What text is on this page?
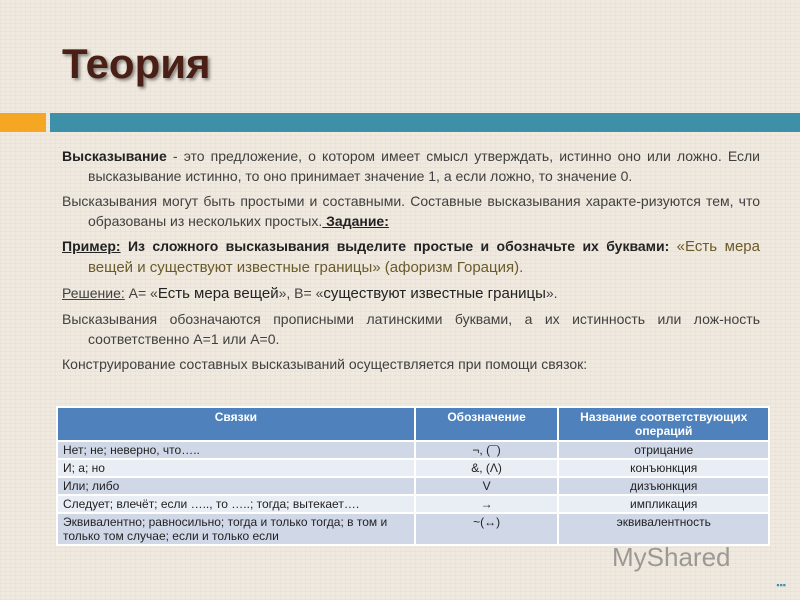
Теория

Высказывание - это предложение, о котором имеет смысл утверждать, истинно оно или ложно. Если высказывание истинно, то оно принимает значение 1, а если ложно, то значение 0.

Высказывания могут быть простыми и составными. Составные высказывания характе-ризуются тем, что образованы из нескольких простых. Задание:

Пример: Из сложного высказывания выделите простые и обозначьте их буквами: «Есть мера вещей и существуют известные границы» (афоризм Горация).

Решение: А= «Есть мера вещей», В= «существуют известные границы».

Высказывания обозначаются прописными латинскими буквами, а их истинность или лож-ность соответственно А=1 или А=0.

Конструирование составных высказываний осуществляется при помощи связок:

Связки	Обозначение	Название соответствующих операций
Нет; не; неверно, что…..	¬, (¯)	отрицание
И; а; но	&, (Λ)	конъюнкция
Или; либо	V	дизъюнкция
Следует; влечёт; если ….., то …..; тогда; вытекает….	→	импликация
Эквивалентно; равносильно; тогда и только тогда; в том и только том случае; если и только если	~(↔)	эквивалентность
MyShared
▪▪▪
